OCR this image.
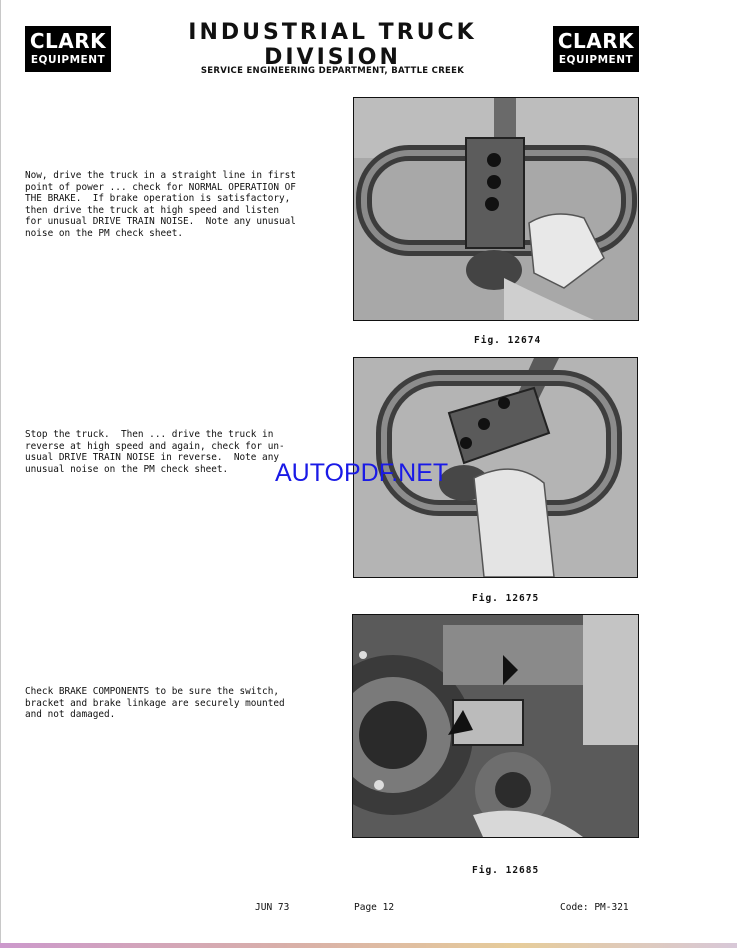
CLARK
EQUIPMENT
INDUSTRIAL TRUCK DIVISION
CLARK
EQUIPMENT
SERVICE ENGINEERING DEPARTMENT, BATTLE CREEK
Now, drive the truck in a straight line in first
point of power ... check for NORMAL OPERATION OF
THE BRAKE.  If brake operation is satisfactory,
then drive the truck at high speed and listen
for unusual DRIVE TRAIN NOISE.  Note any unusual
noise on the PM check sheet.
Fig. 12674
Stop the truck.  Then ... drive the truck in
reverse at high speed and again, check for un-
usual DRIVE TRAIN NOISE in reverse.  Note any
unusual noise on the PM check sheet.
Fig. 12675
Check BRAKE COMPONENTS to be sure the switch,
bracket and brake linkage are securely mounted
and not damaged.
Fig. 12685
AUTOPDF.NET
JUN 73	Page 12	Code: PM-321
